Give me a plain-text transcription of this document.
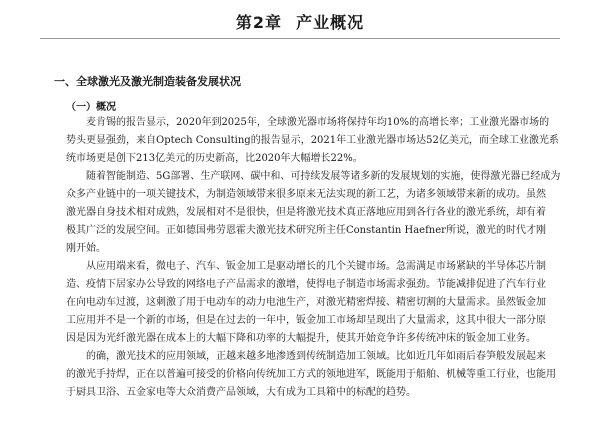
第2章 产业概况
一、全球激光及激光制造装备发展状况
（一）概况

麦肯锡的报告显示，2020年到2025年，全球激光器市场将保持年均10%的高增长率；工业激光器市场的
势头更显强劲，来自Optech Consulting的报告显示，2021年工业激光器市场达52亿美元，而全球工业激光系
统市场更是创下213亿美元的历史新高，比2020年大幅增长22%。

随着智能制造、5G部署、生产联网、碳中和、可持续发展等诸多新的发展规划的实施，使得激光器已经成为
众多产业链中的一项关键技术，为制造领域带来很多原来无法实现的新工艺，为诸多领域带来新的成功。虽然
激光器自身技术相对成熟，发展相对不是很快，但是将激光技术真正落地应用到各行各业的激光系统，却有着
极其广泛的发展空间。正如德国弗劳恩霍夫激光技术研究所主任Constantin Haefner所说，激光的时代才刚
刚开始。

从应用端来看，微电子、汽车、钣金加工是驱动增长的几个关键市场。急需满足市场紧缺的半导体芯片制
造、疫情下居家办公导致的网络电子产品需求的激增，使得电子制造市场需求强劲。节能减排促进了汽车行业
在向电动车过渡，这刺激了用于电动车的动力电池生产，对激光精密焊接、精密切割的大量需求。虽然钣金加
工应用并不是一个新的市场，但是在过去的一年中，钣金加工市场却呈现出了大量需求，这其中很大一部分原
因是因为光纤激光器在成本上的大幅下降和功率的大幅提升，使其开始竞争许多传统冲床的钣金加工业务。

的确，激光技术的应用领域，正越来越多地渗透到传统制造加工领域。比如近几年如雨后春笋般发展起来
的激光手持焊，正在以普遍可接受的价格向传统加工方式的领地进军，既能用于船舶、机械等重工行业，也能用
于厨具卫浴、五金家电等大众消费产品领域，大有成为工具箱中的标配的趋势。
